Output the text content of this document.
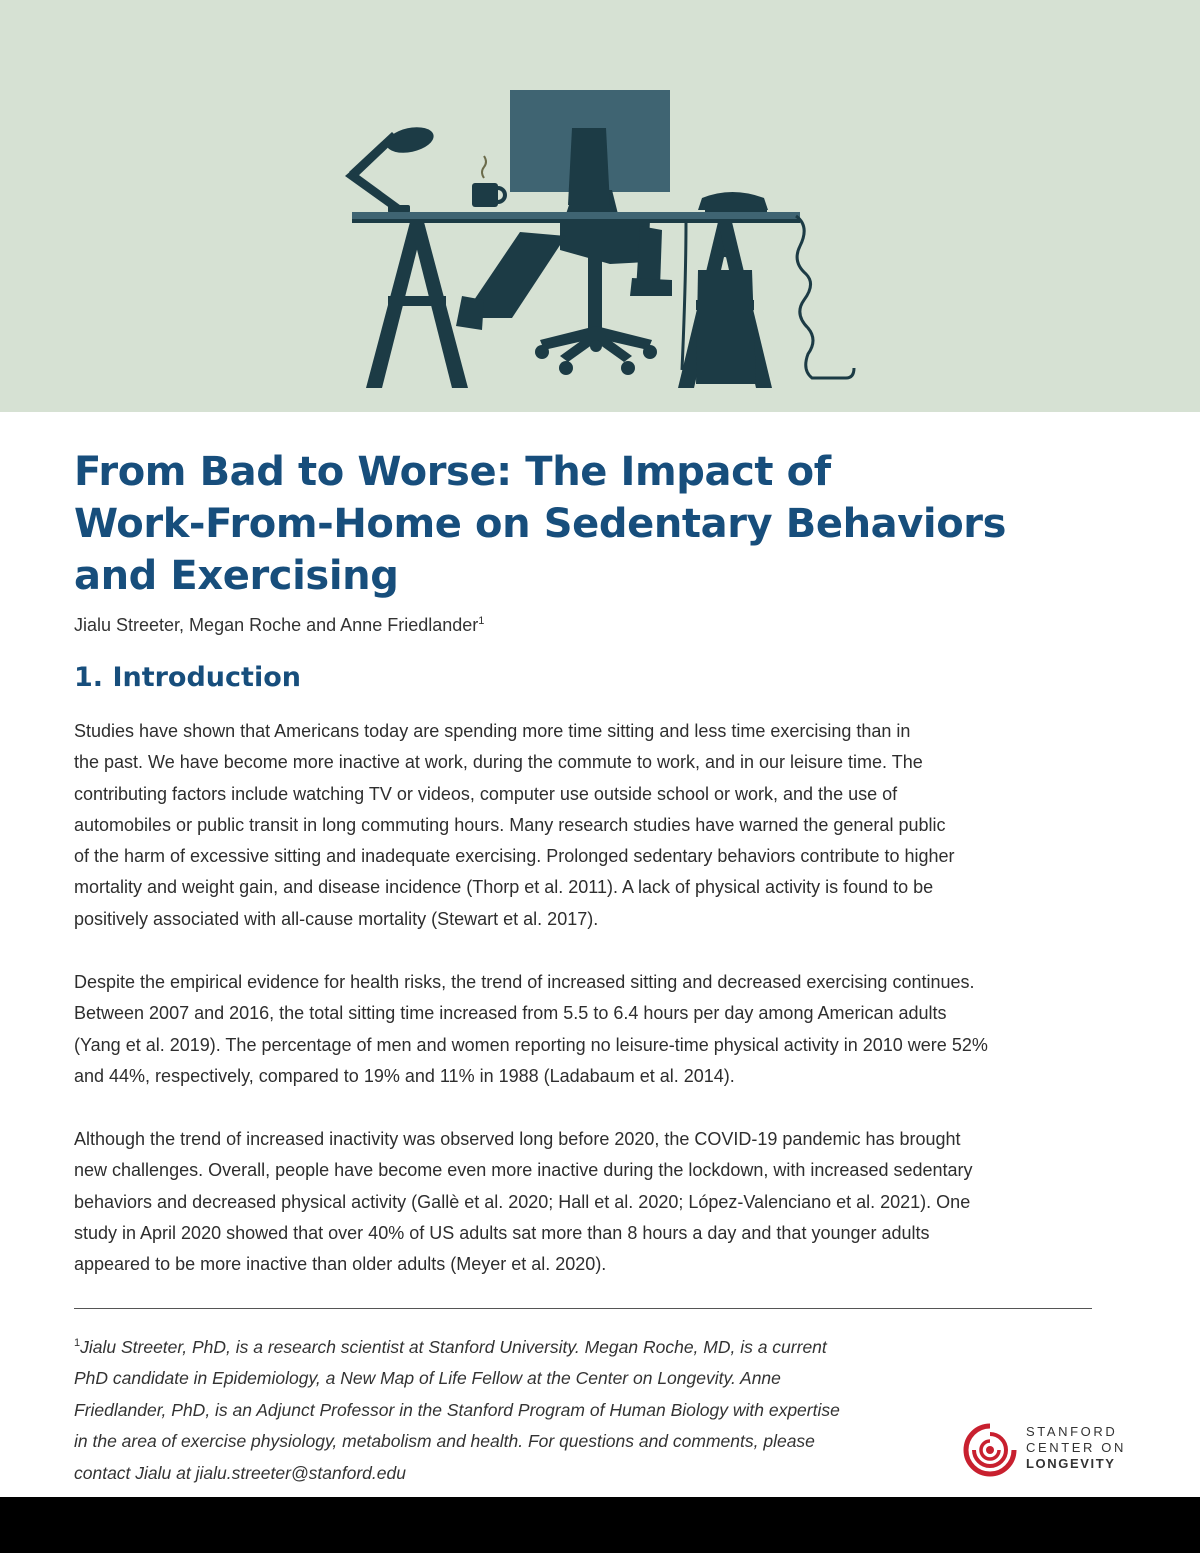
From Bad to Worse: The Impact of
Work-From-Home on Sedentary Behaviors
and Exercising
Jialu Streeter, Megan Roche and Anne Friedlander$^1$
1. Introduction

Studies have shown that Americans today are spending more time sitting and less time exercising than in
the past. We have become more inactive at work, during the commute to work, and in our leisure time. The
contributing factors include watching TV or videos, computer use outside school or work, and the use of
automobiles or public transit in long commuting hours. Many research studies have warned the general public
of the harm of excessive sitting and inadequate exercising. Prolonged sedentary behaviors contribute to higher
mortality and weight gain, and disease incidence (Thorp et al. 2011). A lack of physical activity is found to be
positively associated with all-cause mortality (Stewart et al. 2017).

Despite the empirical evidence for health risks, the trend of increased sitting and decreased exercising continues.
Between 2007 and 2016, the total sitting time increased from 5.5 to 6.4 hours per day among American adults
(Yang et al. 2019). The percentage of men and women reporting no leisure-time physical activity in 2010 were 52%
and 44%, respectively, compared to 19% and 11% in 1988 (Ladabaum et al. 2014).

Although the trend of increased inactivity was observed long before 2020, the COVID-19 pandemic has brought
new challenges. Overall, people have become even more inactive during the lockdown, with increased sedentary
behaviors and decreased physical activity (Gallè et al. 2020; Hall et al. 2020; López-Valenciano et al. 2021). One
study in April 2020 showed that over 40% of US adults sat more than 8 hours a day and that younger adults
appeared to be more inactive than older adults (Meyer et al. 2020).

$^1$Jialu Streeter, PhD, is a research scientist at Stanford University. Megan Roche, MD, is a current
PhD candidate in Epidemiology, a New Map of Life Fellow at the Center on Longevity. Anne
Friedlander, PhD, is an Adjunct Professor in the Stanford Program of Human Biology with expertise
in the area of exercise physiology, metabolism and health. For questions and comments, please
contact Jialu at jialu.streeter@stanford.edu

STANFORD
CENTER ON
LONGEVITY
